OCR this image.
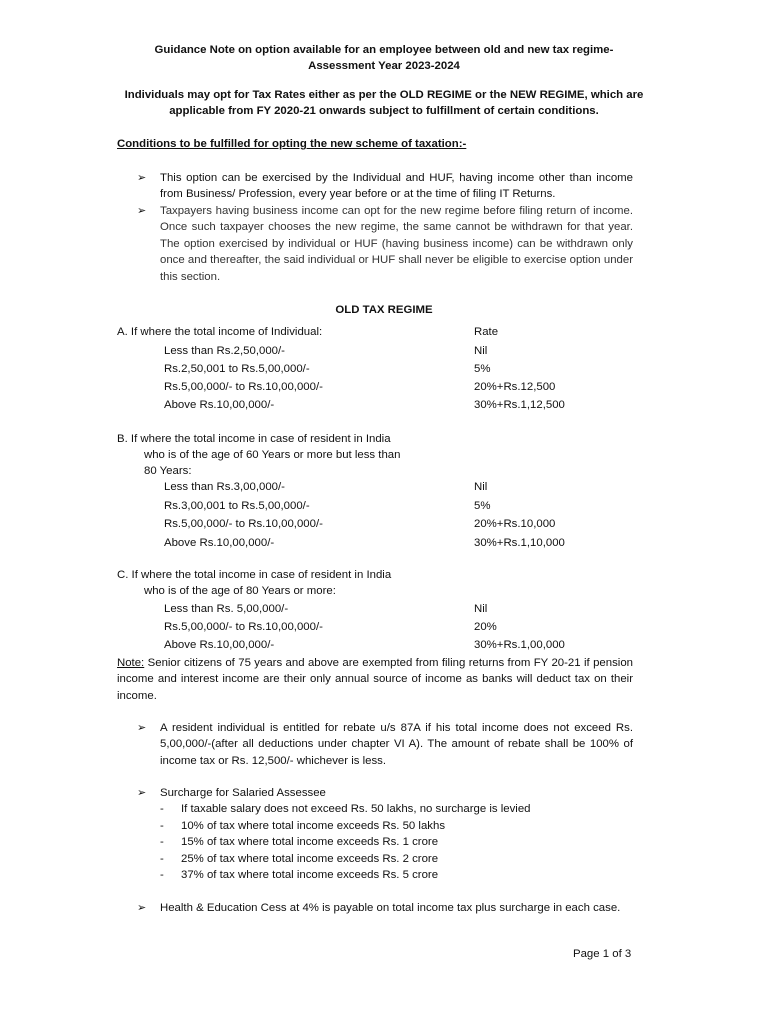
Guidance Note on option available for an employee between old and new tax regime-
Assessment Year 2023-2024
Individuals may opt for Tax Rates either as per the OLD REGIME or the NEW REGIME, which are
applicable from FY 2020-21 onwards subject to fulfillment of certain conditions.
Conditions to be fulfilled for opting the new scheme of taxation:-
➢ This option can be exercised by the Individual and HUF, having income other than income from Business/ Profession, every year before or at the time of filing IT Returns.
➢ Taxpayers having business income can opt for the new regime before filing return of income. Once such taxpayer chooses the new regime, the same cannot be withdrawn for that year. The option exercised by individual or HUF (having business income) can be withdrawn only once and thereafter, the said individual or HUF shall never be eligible to exercise option under this section.
OLD TAX REGIME
A. If where the total income of Individual:	Rate
Less than Rs.2,50,000/-	Nil
Rs.2,50,001 to Rs.5,00,000/-	5%
Rs.5,00,000/- to Rs.10,00,000/-	20%+Rs.12,500
Above Rs.10,00,000/-	30%+Rs.1,12,500
B. If where the total income in case of resident in India
who is of the age of 60 Years or more but less than
80 Years:
Less than Rs.3,00,000/-	Nil
Rs.3,00,001 to Rs.5,00,000/-	5%
Rs.5,00,000/- to Rs.10,00,000/-	20%+Rs.10,000
Above Rs.10,00,000/-	30%+Rs.1,10,000
C. If where the total income in case of resident in India
who is of the age of 80 Years or more:
Less than Rs. 5,00,000/-	Nil
Rs.5,00,000/- to Rs.10,00,000/-	20%
Above Rs.10,00,000/-	30%+Rs.1,00,000
Note: Senior citizens of 75 years and above are exempted from filing returns from FY 20-21 if pension income and interest income are their only annual source of income as banks will deduct tax on their income.
➢ A resident individual is entitled for rebate u/s 87A if his total income does not exceed Rs. 5,00,000/-(after all deductions under chapter VI A). The amount of rebate shall be 100% of income tax or Rs. 12,500/- whichever is less.
➢ Surcharge for Salaried Assessee
- If taxable salary does not exceed Rs. 50 lakhs, no surcharge is levied
- 10% of tax where total income exceeds Rs. 50 lakhs
- 15% of tax where total income exceeds Rs. 1 crore
- 25% of tax where total income exceeds Rs. 2 crore
- 37% of tax where total income exceeds Rs. 5 crore
➢ Health & Education Cess at 4% is payable on total income tax plus surcharge in each case.
Page 1 of 3
